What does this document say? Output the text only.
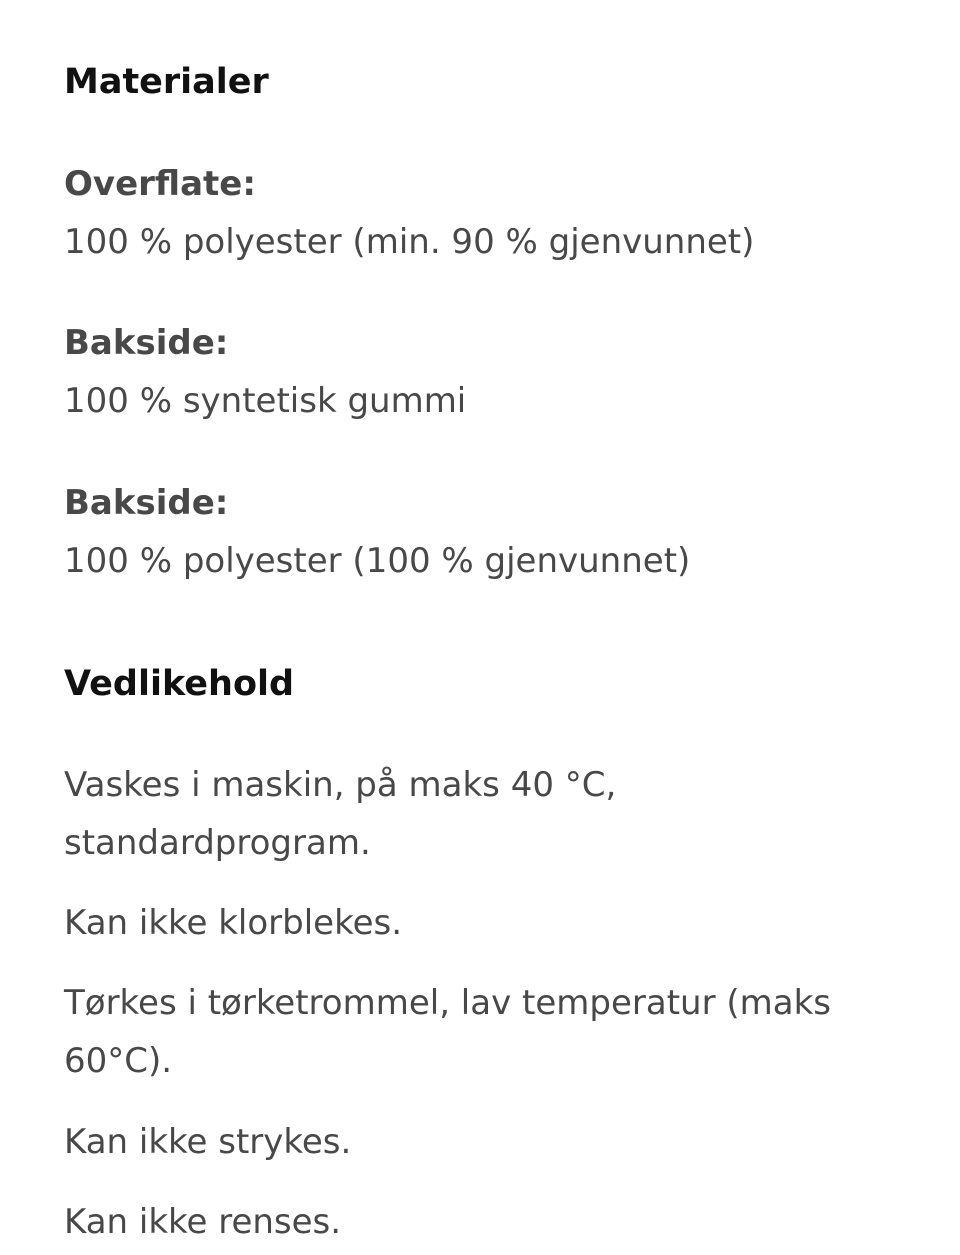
Materialer

Overflate:

100 % polyester (min. 90 % gjenvunnet)

Bakside:

100 % syntetisk gummi

Bakside:

100 % polyester (100 % gjenvunnet)

Vedlikehold

Vaskes i maskin, på maks 40 °C, standardprogram.

Kan ikke klorblekes.

Tørkes i tørketrommel, lav temperatur (maks 60°C).

Kan ikke strykes.

Kan ikke renses.
